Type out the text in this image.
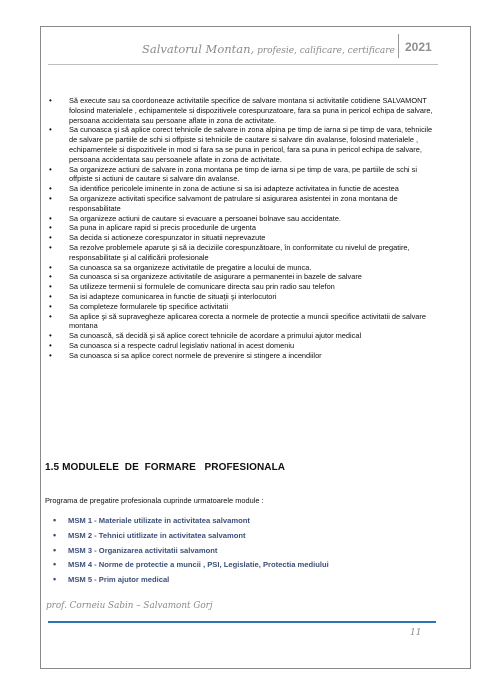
Salvatorul Montan, profesie, calificare, certificare 2021
• Să execute sau sa coordoneaze activitatile specifice de salvare montana si activitatile cotidiene SALVAMONT folosind materialele , echipamentele si dispozitivele corespunzatoare, fara sa puna in pericol echipa de salvare, persoana accidentata sau persoane aflate in zona de activitate.
• Sa cunoasca şi să aplice corect tehnicile de salvare in zona alpina pe timp de iarna si pe timp de vara, tehnicile de salvare pe partiile de schi si offpiste si tehnicile de cautare si salvare din avalanse, folosind materialele , echipamentele si dispozitivele in mod si fara sa se puna in pericol, fara sa puna in pericol echipa de salvare, persoana accidentata sau persoanele aflate in zona de activitate.
• Sa organizeze actiuni de salvare in zona montana pe timp de iarna si pe timp de vara, pe partiile de schi si offpiste si actiuni de cautare si salvare din avalanse.
• Sa identifice pericolele iminente in zona de actiune si sa isi adapteze activitatea in functie de acestea
• Sa organizeze activitati specifice salvamont de patrulare si asigurarea asistentei in zona montana de responsabilitate
• Sa organizeze actiuni de cautare si evacuare a persoanei bolnave sau accidentate.
• Sa puna in aplicare rapid si precis procedurile de urgenta
• Sa decida si actioneze corespunzator in situatii neprevazute
• Sa rezolve problemele aparute şi să ia deciziile corespunzătoare, în conformitate cu nivelul de pregatire, responsabilitate şi al calificării profesionale
• Sa cunoasca sa sa organizeze activitatile de pregatire a locului de munca.
• Sa cunoasca si sa organizeze activitatile de asigurare a permanentei in bazele de salvare
• Sa utilizeze termenii si formulele de comunicare directa sau prin radio sau telefon
• Sa isi adapteze comunicarea in functie de situaţii şi interlocutori
• Sa completeze formularele tip specifice activitatii
• Sa aplice şi să supravegheze aplicarea corecta a normele de protectie a muncii specifice activitatii de salvare montana
• Sa cunoască, să decidă şi să aplice corect tehnicile de acordare a primului ajutor medical
• Sa cunoasca si a respecte cadrul legislativ national in acest domeniu
• Sa cunoasca si sa aplice corect normele de prevenire si stingere a incendiilor
1.5 MODULELE  DE  FORMARE   PROFESIONALA
Programa de pregatire profesionala cuprinde urmatoarele module :
• MSM 1 - Materiale utilizate in activitatea salvamont
• MSM 2 - Tehnici utitlizate in activitatea salvamont
• MSM 3 - Organizarea activitatii salvamont
• MSM 4 - Norme de protectie a muncii , PSI, Legislatie, Protectia mediului
• MSM 5 - Prim ajutor medical
prof. Corneiu Sabin – Salvamont Gorj
11
